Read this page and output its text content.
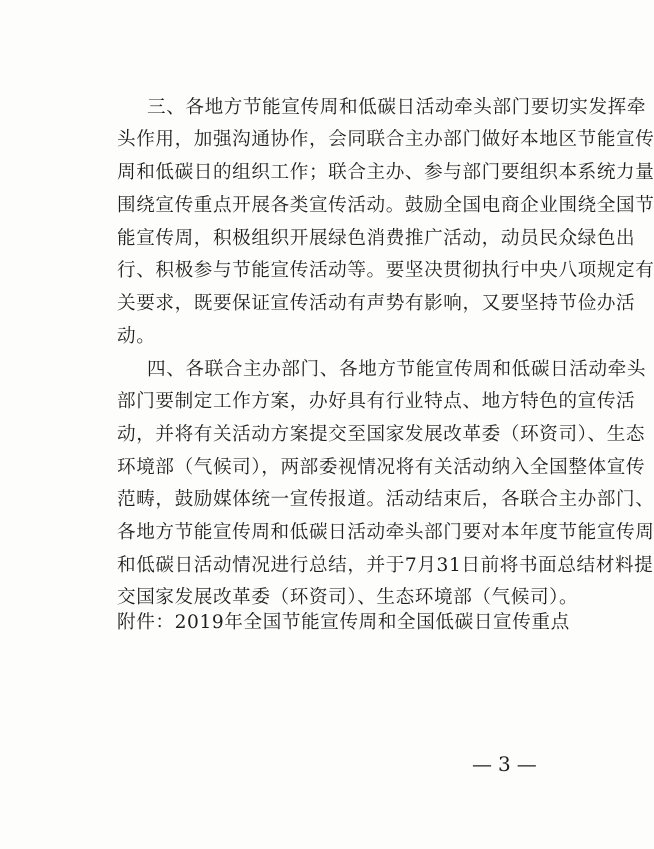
三、各地方节能宣传周和低碳日活动牵头部门要切实发挥牵
头作用，加强沟通协作，会同联合主办部门做好本地区节能宣传
周和低碳日的组织工作；联合主办、参与部门要组织本系统力量
围绕宣传重点开展各类宣传活动。鼓励全国电商企业围绕全国节
能宣传周，积极组织开展绿色消费推广活动，动员民众绿色出
行、积极参与节能宣传活动等。要坚决贯彻执行中央八项规定有
关要求，既要保证宣传活动有声势有影响，又要坚持节俭办活
动。
四、各联合主办部门、各地方节能宣传周和低碳日活动牵头
部门要制定工作方案，办好具有行业特点、地方特色的宣传活
动，并将有关活动方案提交至国家发展改革委（环资司）、生态
环境部（气候司），两部委视情况将有关活动纳入全国整体宣传
范畴，鼓励媒体统一宣传报道。活动结束后，各联合主办部门、
各地方节能宣传周和低碳日活动牵头部门要对本年度节能宣传周
和低碳日活动情况进行总结，并于7月31日前将书面总结材料提
交国家发展改革委（环资司）、生态环境部（气候司）。
附件：2019年全国节能宣传周和全国低碳日宣传重点
— 3 —
